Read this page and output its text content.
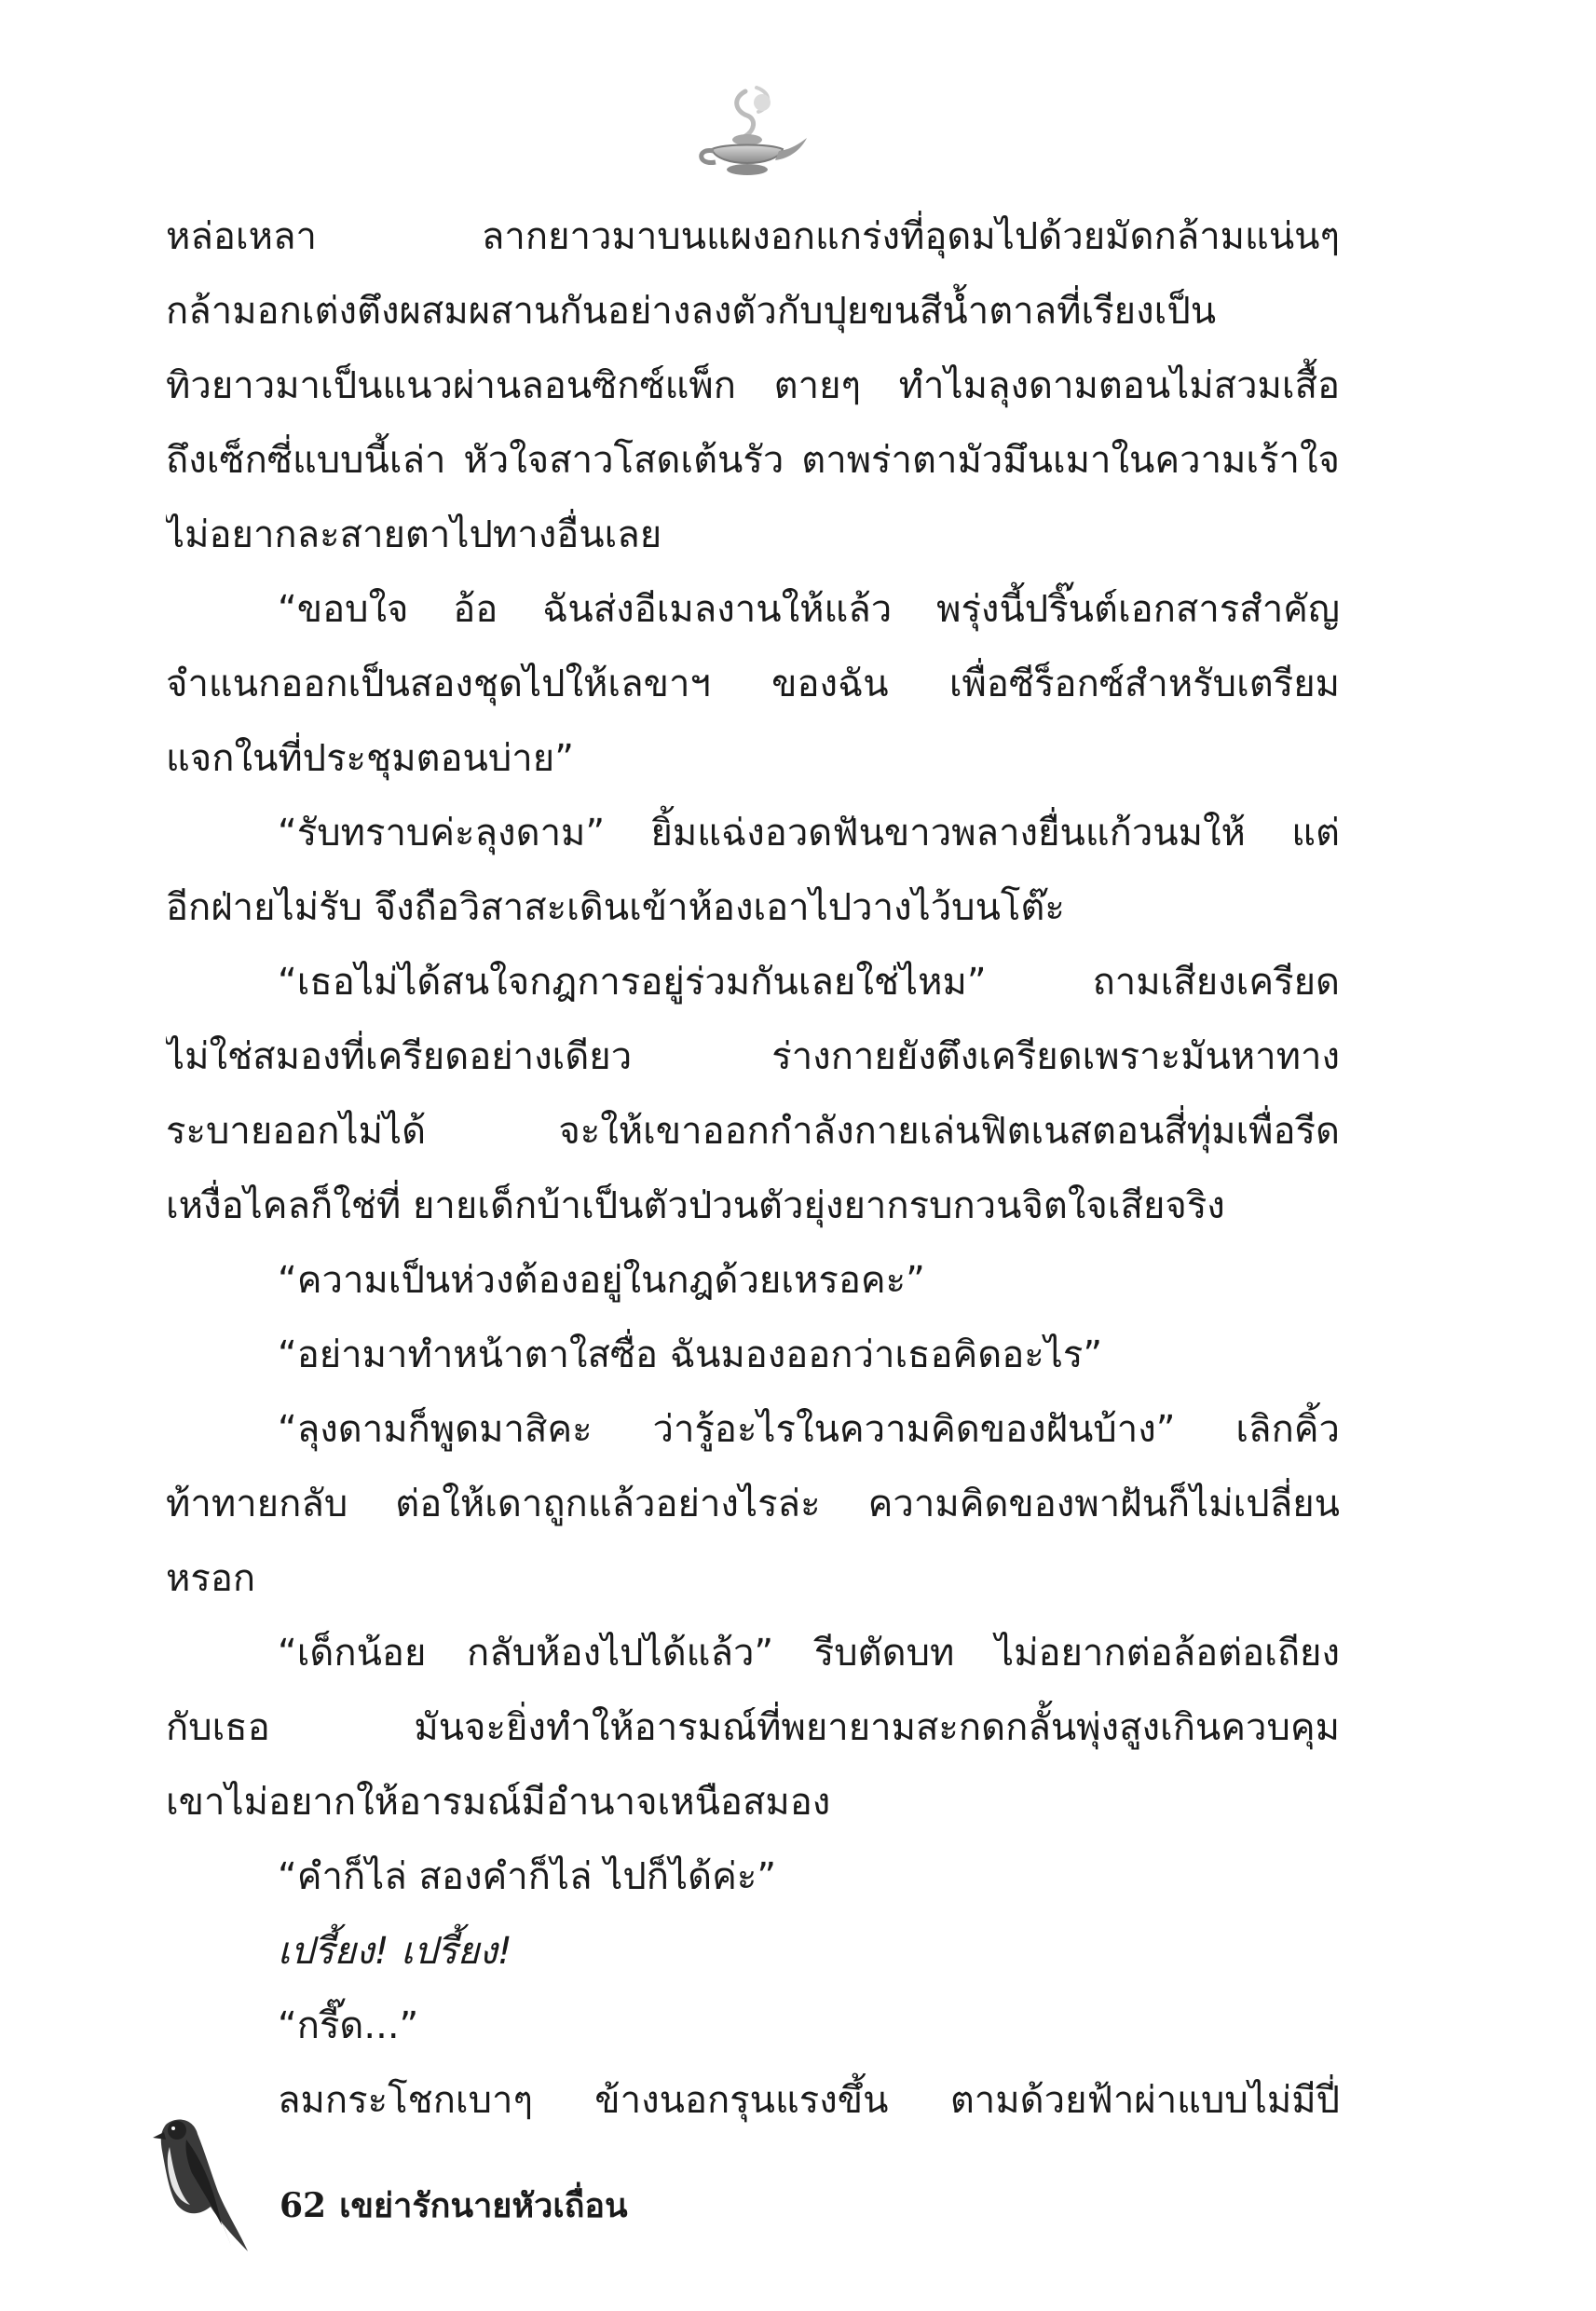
หล่อเหลา ลากยาวมาบนแผงอกแกร่งที่อุดมไปด้วยมัดกล้ามแน่นๆ
กล้ามอกเต่งตึงผสมผสานกันอย่างลงตัวกับปุยขนสีน้ำตาลที่เรียงเป็น
ทิวยาวมาเป็นแนวผ่านลอนซิกซ์แพ็ก ตายๆ ทำไมลุงดามตอนไม่สวมเสื้อ
ถึงเซ็กซี่แบบนี้เล่า หัวใจสาวโสดเต้นรัว ตาพร่าตามัวมึนเมาในความเร้าใจ
ไม่อยากละสายตาไปทางอื่นเลย
“ขอบใจ อ้อ ฉันส่งอีเมลงานให้แล้ว พรุ่งนี้ปริ๊นต์เอกสารสำคัญ
จำแนกออกเป็นสองชุดไปให้เลขาฯ ของฉัน เพื่อซีร็อกซ์สำหรับเตรียม
แจกในที่ประชุมตอนบ่าย”
“รับทราบค่ะลุงดาม” ยิ้มแฉ่งอวดฟันขาวพลางยื่นแก้วนมให้ แต่
อีกฝ่ายไม่รับ จึงถือวิสาสะเดินเข้าห้องเอาไปวางไว้บนโต๊ะ
“เธอไม่ได้สนใจกฎการอยู่ร่วมกันเลยใช่ไหม” ถามเสียงเครียด
ไม่ใช่สมองที่เครียดอย่างเดียว ร่างกายยังตึงเครียดเพราะมันหาทาง
ระบายออกไม่ได้ จะให้เขาออกกำลังกายเล่นฟิตเนสตอนสี่ทุ่มเพื่อรีด
เหงื่อไคลก็ใช่ที่ ยายเด็กบ้าเป็นตัวป่วนตัวยุ่งยากรบกวนจิตใจเสียจริง
“ความเป็นห่วงต้องอยู่ในกฎด้วยเหรอคะ”
“อย่ามาทำหน้าตาใสซื่อ ฉันมองออกว่าเธอคิดอะไร”
“ลุงดามก็พูดมาสิคะ ว่ารู้อะไรในความคิดของฝันบ้าง” เลิกคิ้ว
ท้าทายกลับ ต่อให้เดาถูกแล้วอย่างไรล่ะ ความคิดของพาฝันก็ไม่เปลี่ยน
หรอก
“เด็กน้อย กลับห้องไปได้แล้ว” รีบตัดบท ไม่อยากต่อล้อต่อเถียง
กับเธอ มันจะยิ่งทำให้อารมณ์ที่พยายามสะกดกลั้นพุ่งสูงเกินควบคุม
เขาไม่อยากให้อารมณ์มีอำนาจเหนือสมอง
“คำก็ไล่ สองคำก็ไล่ ไปก็ได้ค่ะ”
เปรี้ยง! เปรี้ยง!
“กรี๊ด...”
ลมกระโชกเบาๆ ข้างนอกรุนแรงขึ้น ตามด้วยฟ้าผ่าแบบไม่มีปี่
62 เขย่ารักนายหัวเถื่อน
